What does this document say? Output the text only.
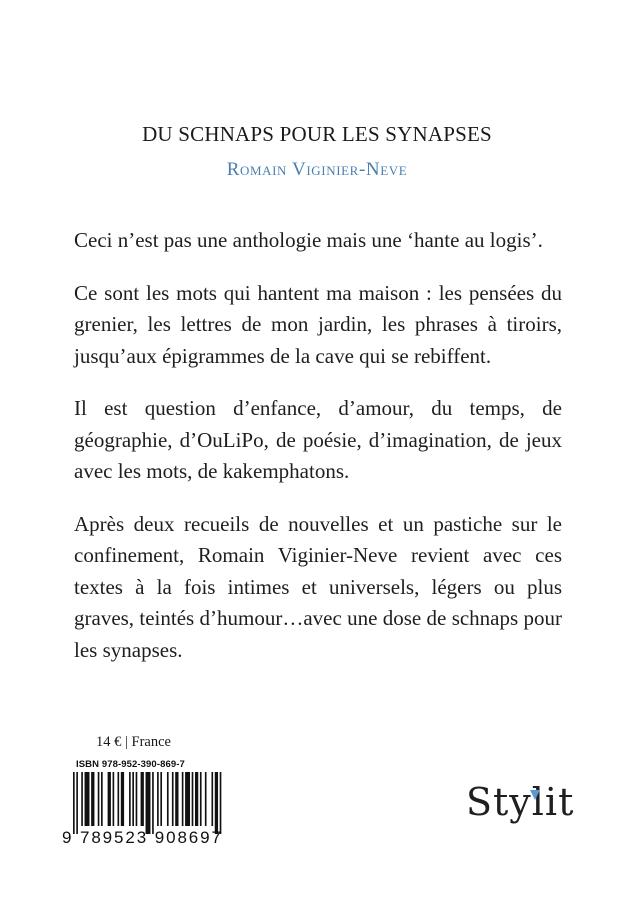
DU SCHNAPS POUR LES SYNAPSES
Romain Viginier-Neve

Ceci n’est pas une anthologie mais une ‘hante au logis’.

Ce sont les mots qui hantent ma maison : les pensées du grenier, les lettres de mon jardin, les phrases à tiroirs, jusqu’aux épigrammes de la cave qui se rebiffent.

Il est question d’enfance, d’amour, du temps, de géographie, d’OuLiPo, de poésie, d’imagination, de jeux avec les mots, de kakemphatons.

Après deux recueils de nouvelles et un pastiche sur le confinement, Romain Viginier-Neve revient avec ces textes à la fois intimes et universels, légers ou plus graves, teintés d’humour…avec une dose de schnaps pour les synapses.

14 € | France
ISBN 978-952-390-869-7
9 789523 908697
Stylit
